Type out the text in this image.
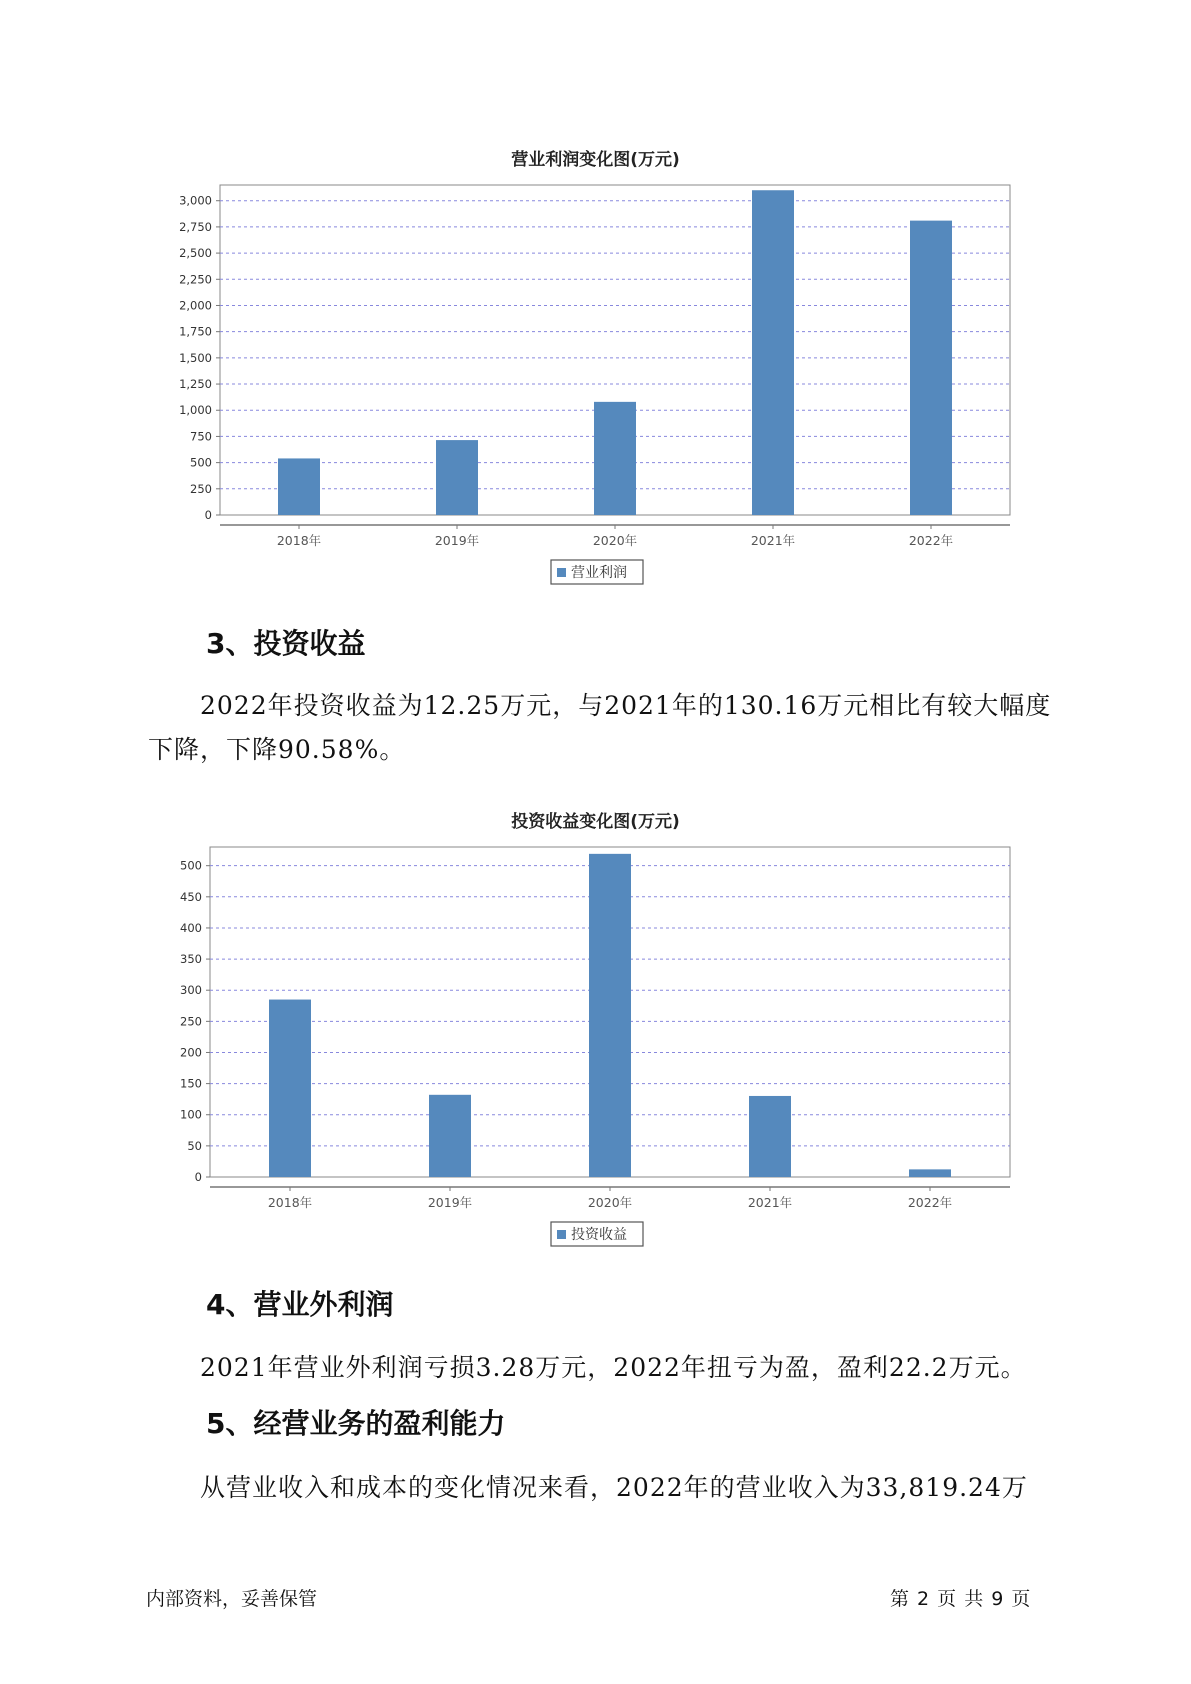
营业利润变化图(万元)
0
250
500
750
1,000
1,250
1,500
1,750
2,000
2,250
2,500
2,750
3,000
2018年	2019年	2020年	2021年	2022年
营业利润
3、投资收益
2022年投资收益为12.25万元，与2021年的130.16万元相比有较大幅度
下降，下降90.58%。
投资收益变化图(万元)
0
50
100
150
200
250
300
350
400
450
500
2018年	2019年	2020年	2021年	2022年
投资收益
4、营业外利润
2021年营业外利润亏损3.28万元，2022年扭亏为盈，盈利22.2万元。
5、经营业务的盈利能力
从营业收入和成本的变化情况来看，2022年的营业收入为33,819.24万
内部资料，妥善保管	第 2 页 共 9 页
